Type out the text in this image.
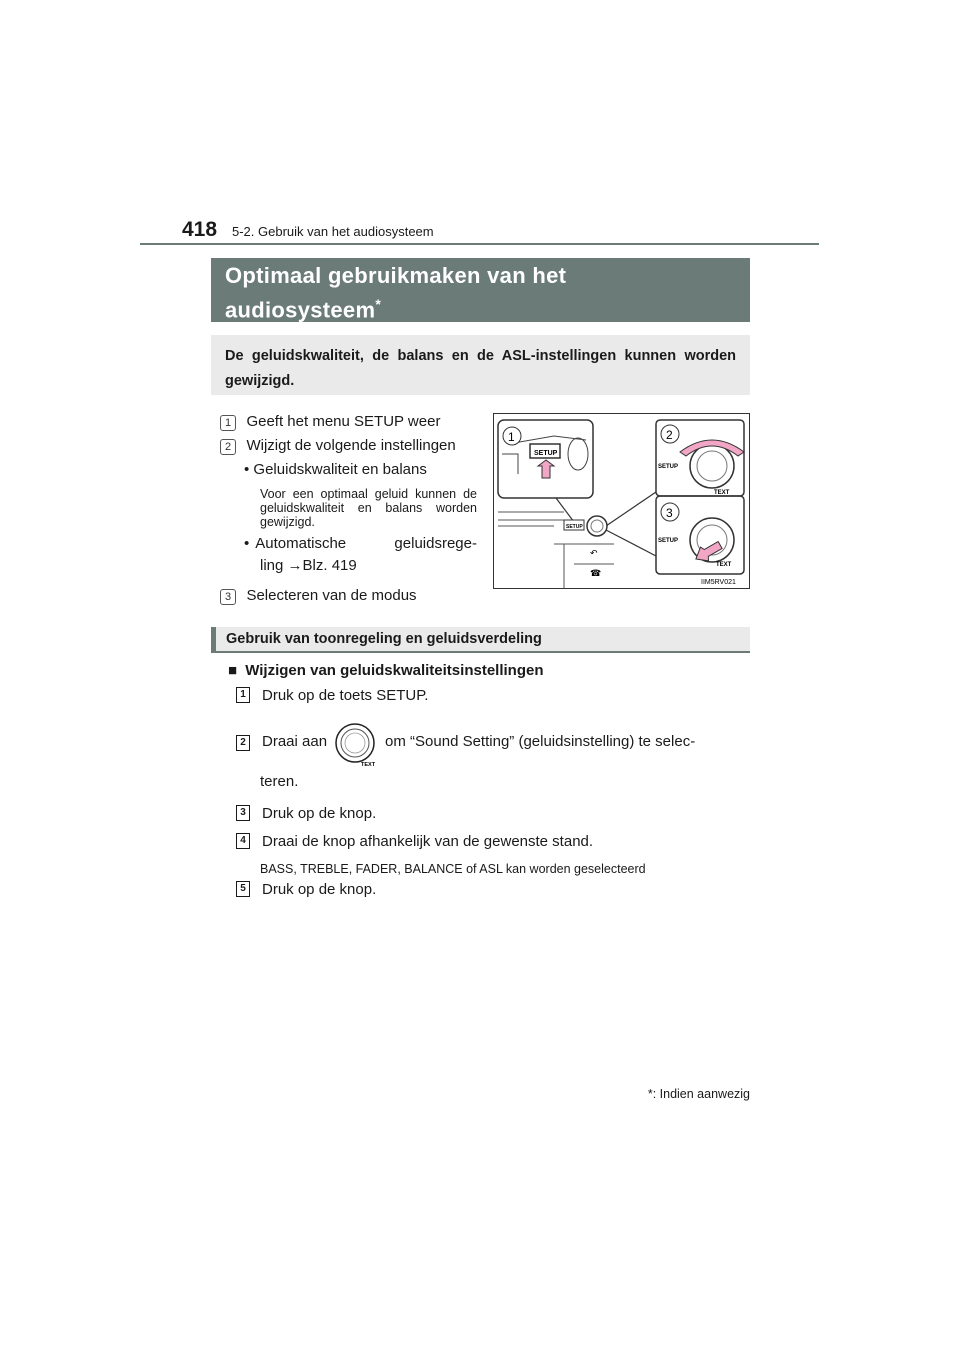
418 5-2. Gebruik van het audiosysteem
Optimaal gebruikmaken van het
audiosysteem*
De geluidskwaliteit, de balans en de ASL-instellingen kunnen worden gewijzigd.
1 Geeft het menu SETUP weer
2 Wijzigt de volgende instellingen
• Geluidskwaliteit en balans
Voor een optimaal geluid kunnen de geluidskwaliteit en balans worden gewijzigd.
• Automatische geluidsrege-
ling →Blz. 419
3 Selecteren van de modus
SETUP
1
SETUP
↶
☎
SETUP
2
TEXT
SETUP
3
TEXT
IIM5RV021
Gebruik van toonregeling en geluidsverdeling
■ Wijzigen van geluidskwaliteitsinstellingen
1 Druk op de toets SETUP.
2 Draai aan
TEXT
om “Sound Setting” (geluidsinstelling) te selec-
teren.
3 Druk op de knop.
4 Draai de knop afhankelijk van de gewenste stand.
BASS, TREBLE, FADER, BALANCE of ASL kan worden geselecteerd
5 Druk op de knop.
*: Indien aanwezig
